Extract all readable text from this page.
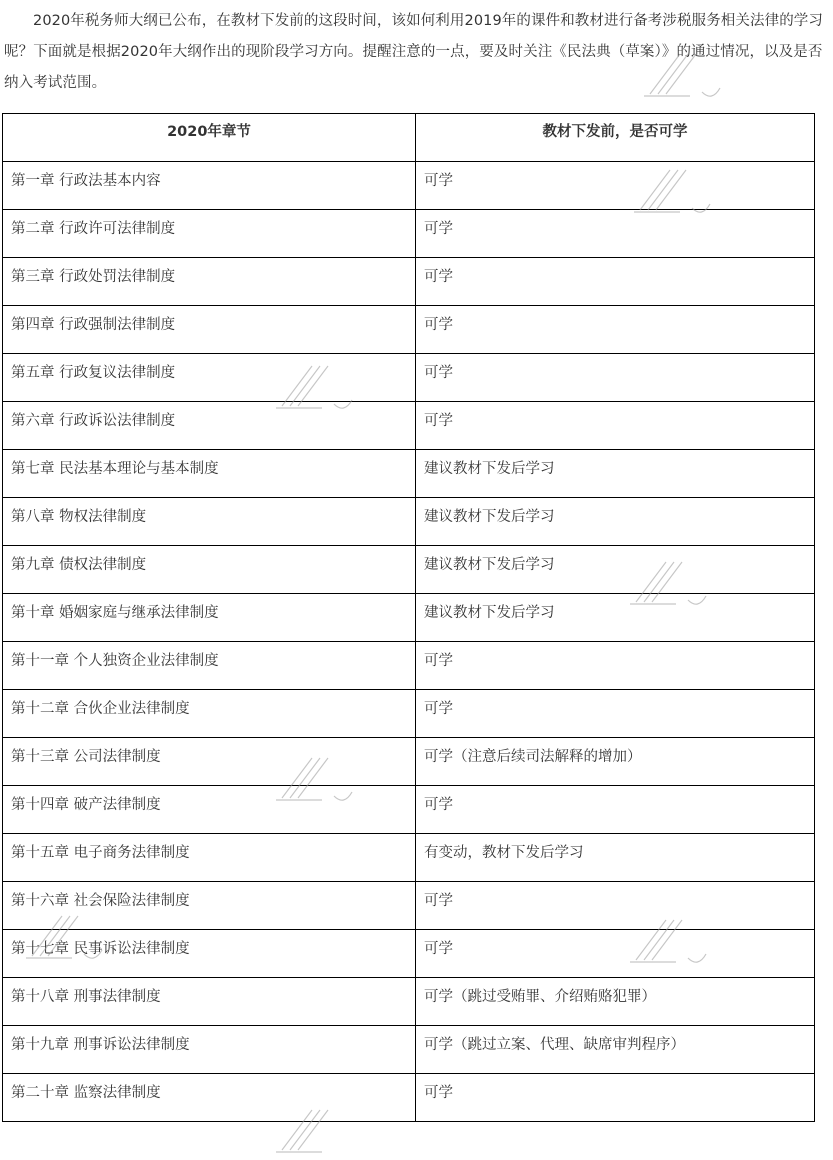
2020年税务师大纲已公布，在教材下发前的这段时间，该如何利用2019年的课件和教材进行备考涉税服务相关法律的学习呢？下面就是根据2020年大纲作出的现阶段学习方向。提醒注意的一点，要及时关注《民法典（草案）》的通过情况，以及是否纳入考试范围。

2020年章节	教材下发前，是否可学
第一章 行政法基本内容	可学
第二章 行政许可法律制度	可学
第三章 行政处罚法律制度	可学
第四章 行政强制法律制度	可学
第五章 行政复议法律制度	可学
第六章 行政诉讼法律制度	可学
第七章 民法基本理论与基本制度	建议教材下发后学习
第八章 物权法律制度	建议教材下发后学习
第九章 债权法律制度	建议教材下发后学习
第十章 婚姻家庭与继承法律制度	建议教材下发后学习
第十一章 个人独资企业法律制度	可学
第十二章 合伙企业法律制度	可学
第十三章 公司法律制度	可学（注意后续司法解释的增加）
第十四章 破产法律制度	可学
第十五章 电子商务法律制度	有变动，教材下发后学习
第十六章 社会保险法律制度	可学
第十七章 民事诉讼法律制度	可学
第十八章 刑事法律制度	可学（跳过受贿罪、介绍贿赂犯罪）
第十九章 刑事诉讼法律制度	可学（跳过立案、代理、缺席审判程序）
第二十章 监察法律制度	可学
